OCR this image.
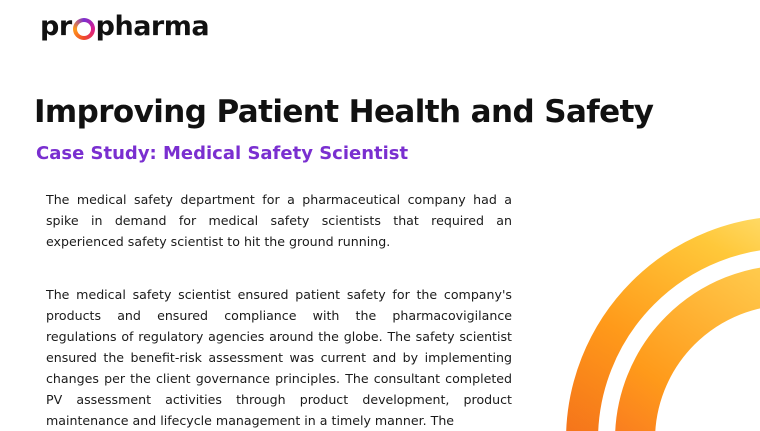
pr pharma
Improving Patient Health and Safety
Case Study: Medical Safety Scientist
The medical safety department for a pharmaceutical company had a spike in demand for medical safety scientists that required an experienced safety scientist to hit the ground running.
The medical safety scientist ensured patient safety for the company's products and ensured compliance with the pharmacovigilance regulations of regulatory agencies around the globe. The safety scientist ensured the benefit-risk assessment was current and by implementing changes per the client governance principles. The consultant completed PV assessment activities through product development, product maintenance and lifecycle management in a timely manner. The
